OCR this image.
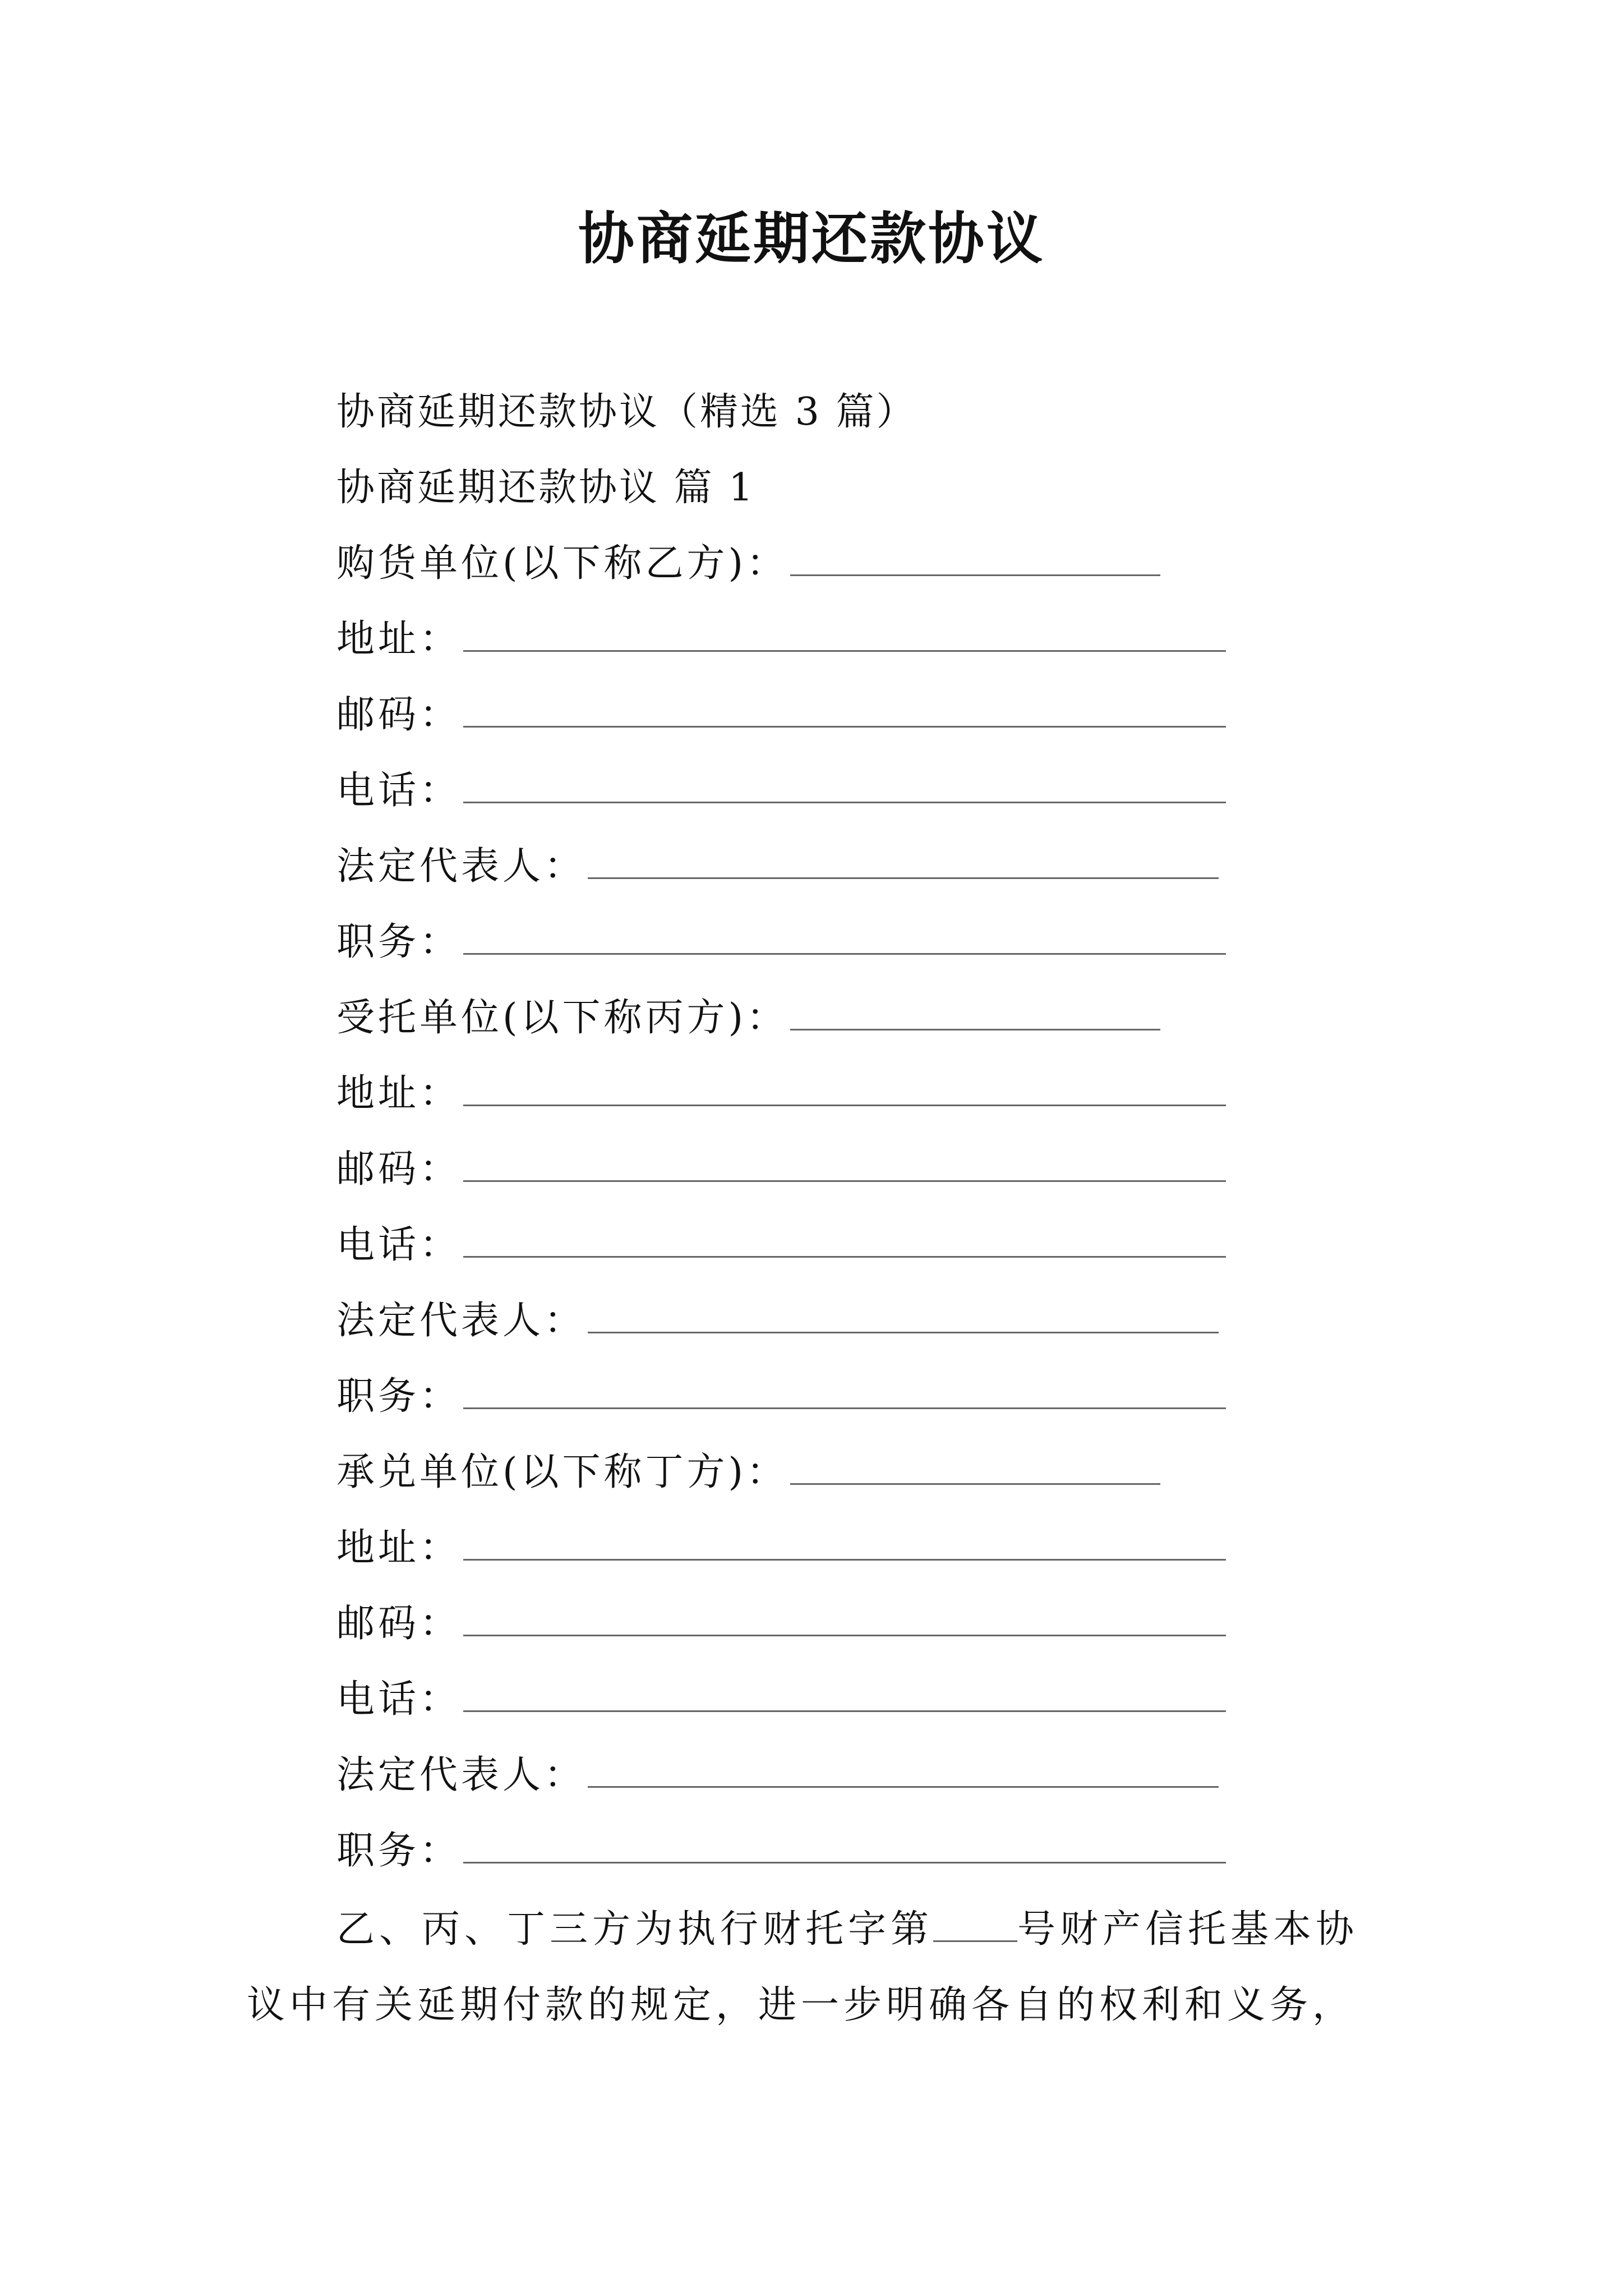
协商延期还款协议
协商延期还款协议（精选 3 篇）
协商延期还款协议 篇 1
购货单位(以下称乙方)：
地址：
邮码：
电话：
法定代表人：
职务：
受托单位(以下称丙方)：
地址：
邮码：
电话：
法定代表人：
职务：
承兑单位(以下称丁方)：
地址：
邮码：
电话：
法定代表人：
职务：
乙、丙、丁三方为执行财托字第 号财产信托基本协
议中有关延期付款的规定，进一步明确各自的权利和义务，
